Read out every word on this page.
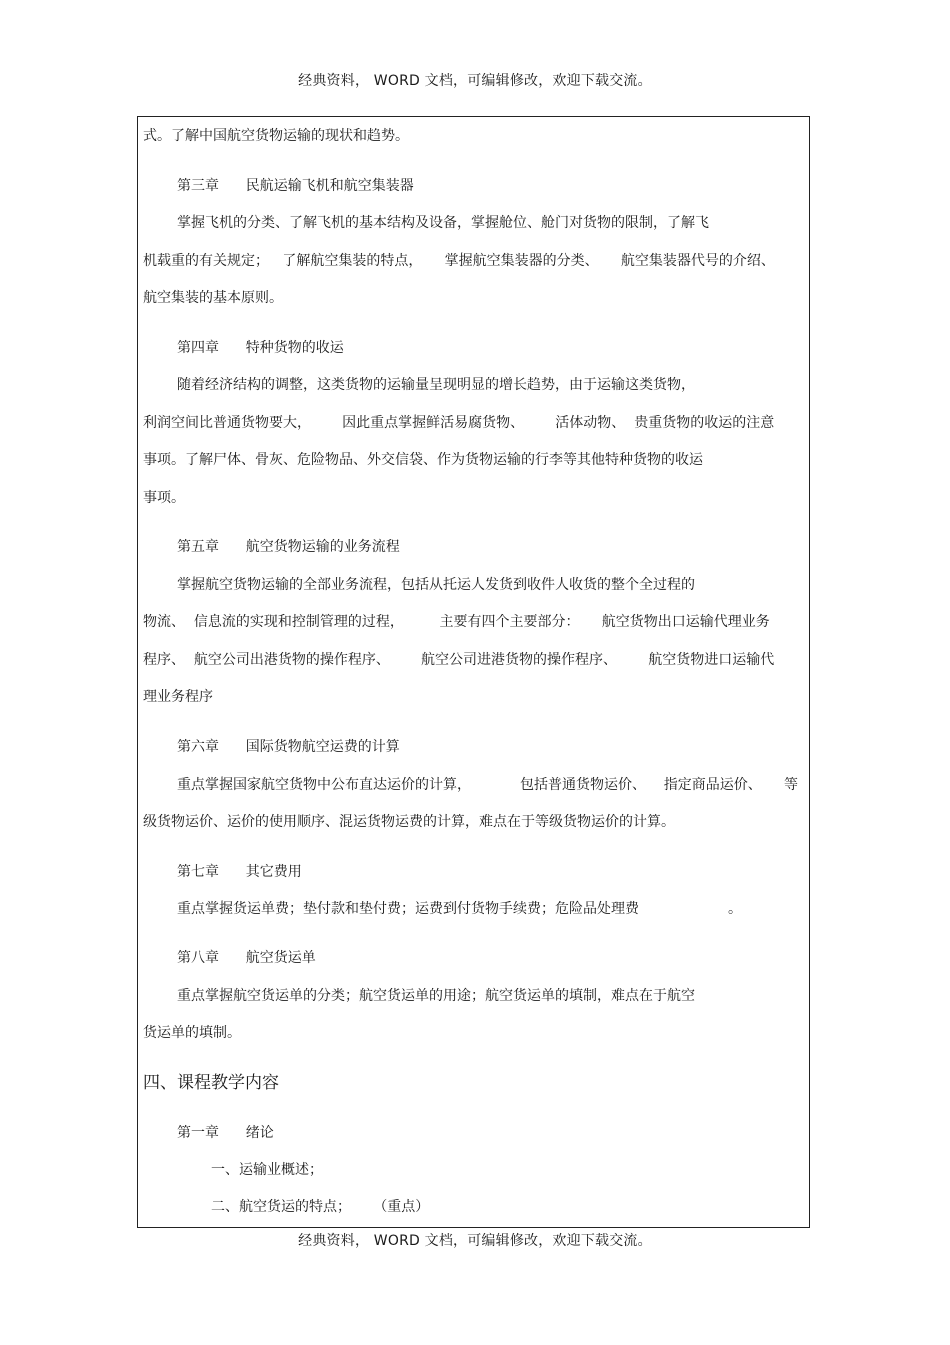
经典资料， WORD 文档，可编辑修改，欢迎下载交流。
式。了解中国航空货物运输的现状和趋势。
第三章      民航运输飞机和航空集装器
掌握飞机的分类、了解飞机的基本结构及设备，掌握舱位、舱门对货物的限制，了解飞
机载重的有关规定；   了解航空集装的特点，     掌握航空集装器的分类、     航空集装器代号的介绍、
航空集装的基本原则。
第四章      特种货物的收运
随着经济结构的调整，这类货物的运输量呈现明显的增长趋势，由于运输这类货物，
利润空间比普通货物要大，       因此重点掌握鲜活易腐货物、       活体动物、  贵重货物的收运的注意
事项。了解尸体、骨灰、危险物品、外交信袋、作为货物运输的行李等其他特种货物的收运
事项。
第五章      航空货物运输的业务流程
掌握航空货物运输的全部业务流程，包括从托运人发货到收件人收货的整个全过程的
物流、  信息流的实现和控制管理的过程，        主要有四个主要部分：     航空货物出口运输代理业务
程序、  航空公司出港货物的操作程序、       航空公司进港货物的操作程序、       航空货物进口运输代
理业务程序
第六章      国际货物航空运费的计算
重点掌握国家航空货物中公布直达运价的计算，           包括普通货物运价、    指定商品运价、     等
级货物运价、运价的使用顺序、混运货物运费的计算，难点在于等级货物运价的计算。
第七章      其它费用
重点掌握货运单费；垫付款和垫付费；运费到付货物手续费；危险品处理费                    。
第八章      航空货运单
重点掌握航空货运单的分类；航空货运单的用途；航空货运单的填制，难点在于航空
货运单的填制。
四、课程教学内容
第一章      绪论
一、运输业概述；
二、航空货运的特点；     （重点）
经典资料， WORD 文档，可编辑修改，欢迎下载交流。
